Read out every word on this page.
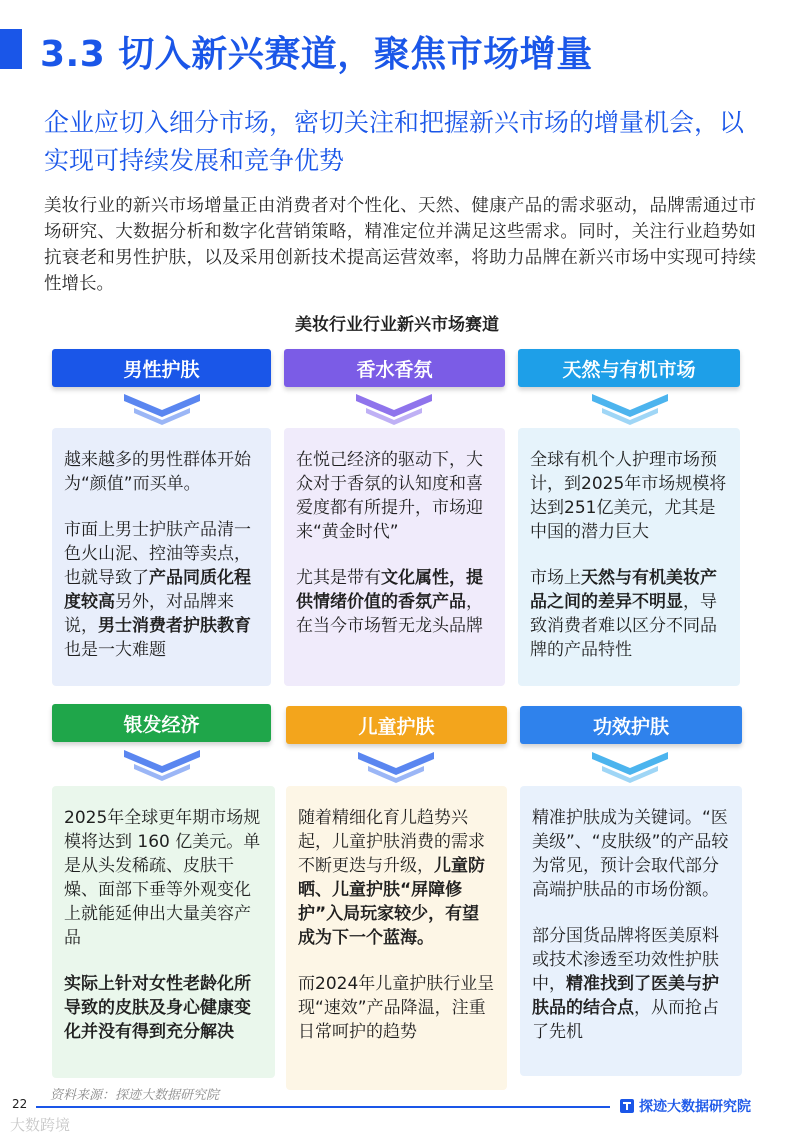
3.3 切入新兴赛道，聚焦市场增量
企业应切入细分市场，密切关注和把握新兴市场的增量机会，以实现可持续发展和竞争优势
美妆行业的新兴市场增量正由消费者对个性化、天然、健康产品的需求驱动，品牌需通过市场研究、大数据分析和数字化营销策略，精准定位并满足这些需求。同时，关注行业趋势如抗衰老和男性护肤，以及采用创新技术提高运营效率，将助力品牌在新兴市场中实现可持续性增长。
美妆行业行业新兴市场赛道
男性护肤	香水香氛	天然与有机市场

越来越多的男性群体开始为“颜值”而买单。

市面上男士护肤产品清一色火山泥、控油等卖点，也就导致了产品同质化程度较高另外，对品牌来说，男士消费者护肤教育也是一大难题

在悦己经济的驱动下，大众对于香氛的认知度和喜爱度都有所提升，市场迎来“黄金时代”

尤其是带有文化属性，提供情绪价值的香氛产品，在当今市场暂无龙头品牌

全球有机个人护理市场预计，到2025年市场规模将达到251亿美元，尤其是中国的潜力巨大

市场上天然与有机美妆产品之间的差异不明显，导致消费者难以区分不同品牌的产品特性

银发经济	儿童护肤	功效护肤

2025年全球更年期市场规模将达到 160 亿美元。单是从头发稀疏、皮肤干燥、面部下垂等外观变化上就能延伸出大量美容产品

实际上针对女性老龄化所导致的皮肤及身心健康变化并没有得到充分解决

随着精细化育儿趋势兴起，儿童护肤消费的需求不断更迭与升级，儿童防晒、儿童护肤“屏障修护”入局玩家较少，有望成为下一个蓝海。

而2024年儿童护肤行业呈现“速效”产品降温，注重日常呵护的趋势

精准护肤成为关键词。“医美级”、“皮肤级”的产品较为常见，预计会取代部分高端护肤品的市场份额。

部分国货品牌将医美原料或技术渗透至功效性护肤中，精准找到了医美与护肤品的结合点，从而抢占了先机

资料来源：探迹大数据研究院
22	探迹大数据研究院
大数跨境
